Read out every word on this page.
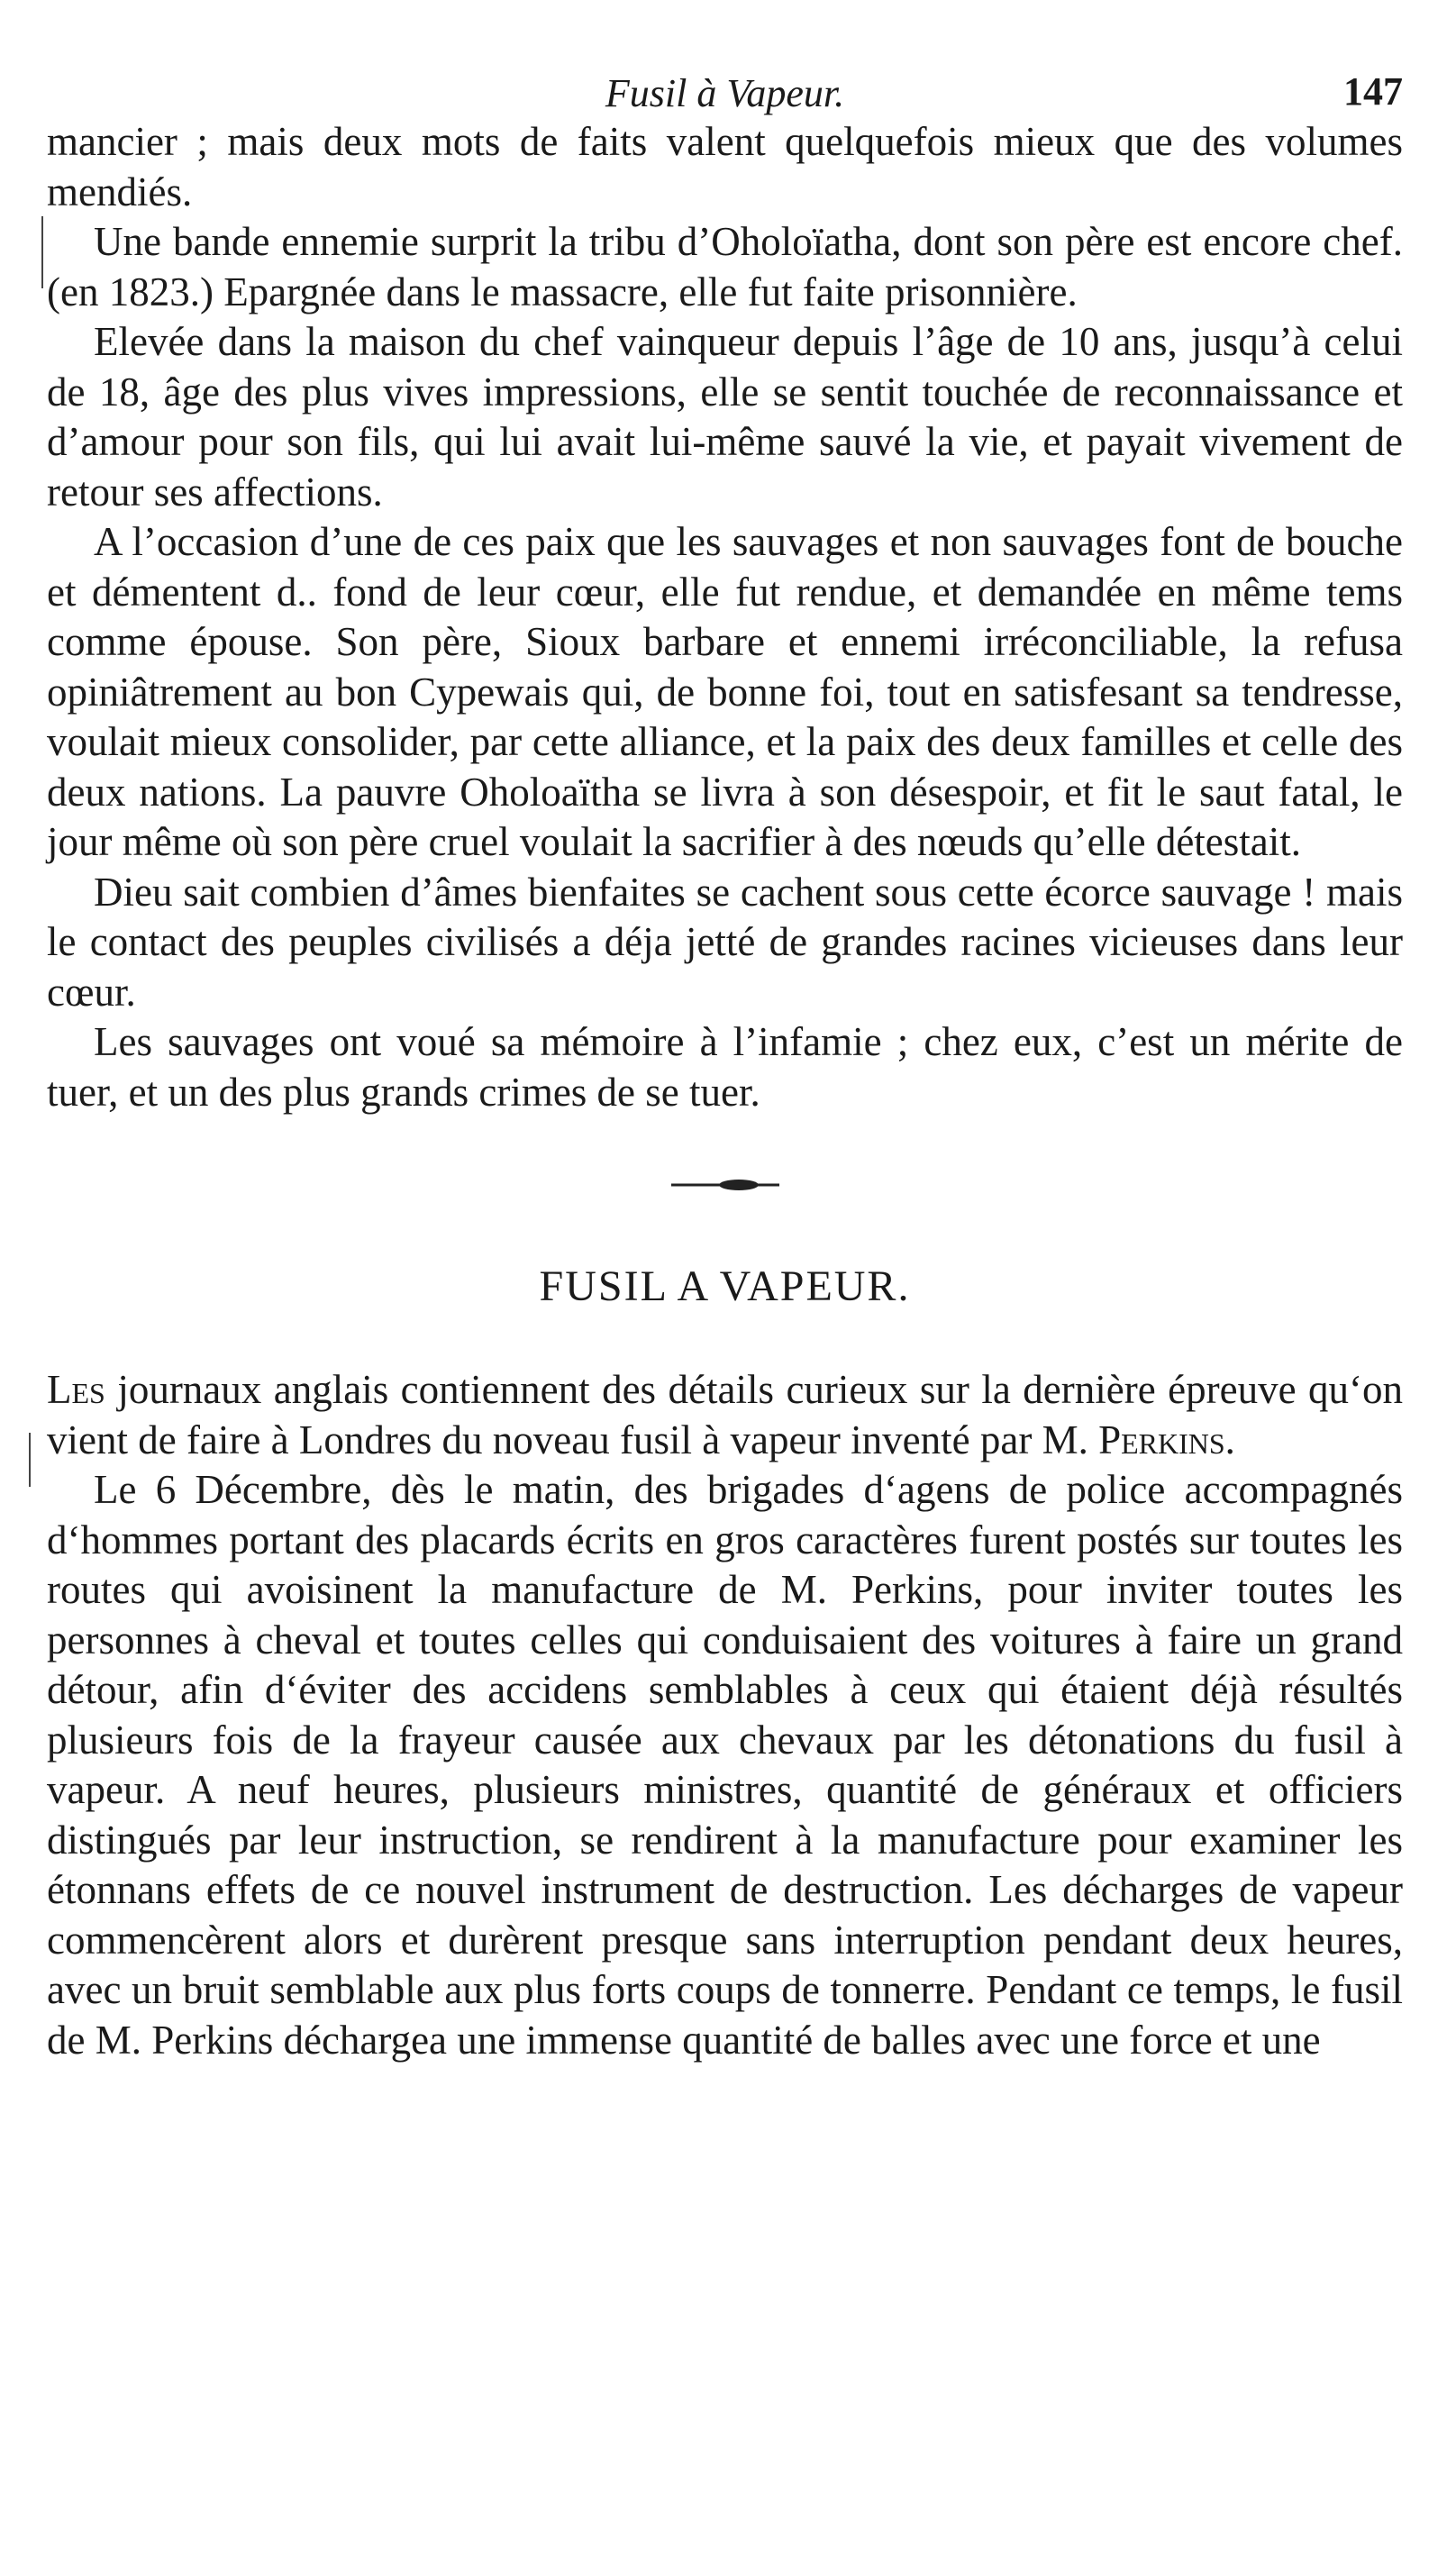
Fusil à Vapeur.	147

mancier ; mais deux mots de faits valent quelquefois mieux que des volumes mendiés.

Une bande ennemie surprit la tribu d’Oholoïatha, dont son père est encore chef. (en 1823.) Epargnée dans le massacre, elle fut faite prisonnière.

Elevée dans la maison du chef vainqueur depuis l’âge de 10 ans, jusqu’à celui de 18, âge des plus vives impressions, elle se sentit touchée de reconnaissance et d’amour pour son fils, qui lui avait lui-même sauvé la vie, et payait vivement de retour ses affections.

A l’occasion d’une de ces paix que les sauvages et non sauvages font de bouche et démentent d.. fond de leur cœur, elle fut rendue, et demandée en même tems comme épouse. Son père, Sioux barbare et ennemi irréconciliable, la refusa opiniâtrement au bon Cypewais qui, de bonne foi, tout en satisfesant sa tendresse, voulait mieux consolider, par cette alliance, et la paix des deux familles et celle des deux nations. La pauvre Oholoaïtha se livra à son désespoir, et fit le saut fatal, le jour même où son père cruel voulait la sacrifier à des nœuds qu’elle détestait.

Dieu sait combien d’âmes bienfaites se cachent sous cette écorce sauvage ! mais le contact des peuples civilisés a déja jetté de grandes racines vicieuses dans leur cœur.

Les sauvages ont voué sa mémoire à l’infamie ; chez eux, c’est un mérite de tuer, et un des plus grands crimes de se tuer.

FUSIL A VAPEUR.

Les journaux anglais contiennent des détails curieux sur la dernière épreuve qu‘on vient de faire à Londres du noveau fusil à vapeur inventé par M. Perkins.

Le 6 Décembre, dès le matin, des brigades d‘agens de police accompagnés d‘hommes portant des placards écrits en gros caractères furent postés sur toutes les routes qui avoisinent la manufacture de M. Perkins, pour inviter toutes les personnes à cheval et toutes celles qui conduisaient des voitures à faire un grand détour, afin d‘éviter des accidens semblables à ceux qui étaient déjà résultés plusieurs fois de la frayeur causée aux chevaux par les détonations du fusil à vapeur. A neuf heures, plusieurs ministres, quantité de généraux et officiers distingués par leur instruction, se rendirent à la manufacture pour examiner les étonnans effets de ce nouvel instrument de destruction. Les décharges de vapeur commencèrent alors et durèrent presque sans interruption pendant deux heures, avec un bruit semblable aux plus forts coups de tonnerre. Pendant ce temps, le fusil de M. Perkins déchargea une immense quantité de balles avec une force et une
